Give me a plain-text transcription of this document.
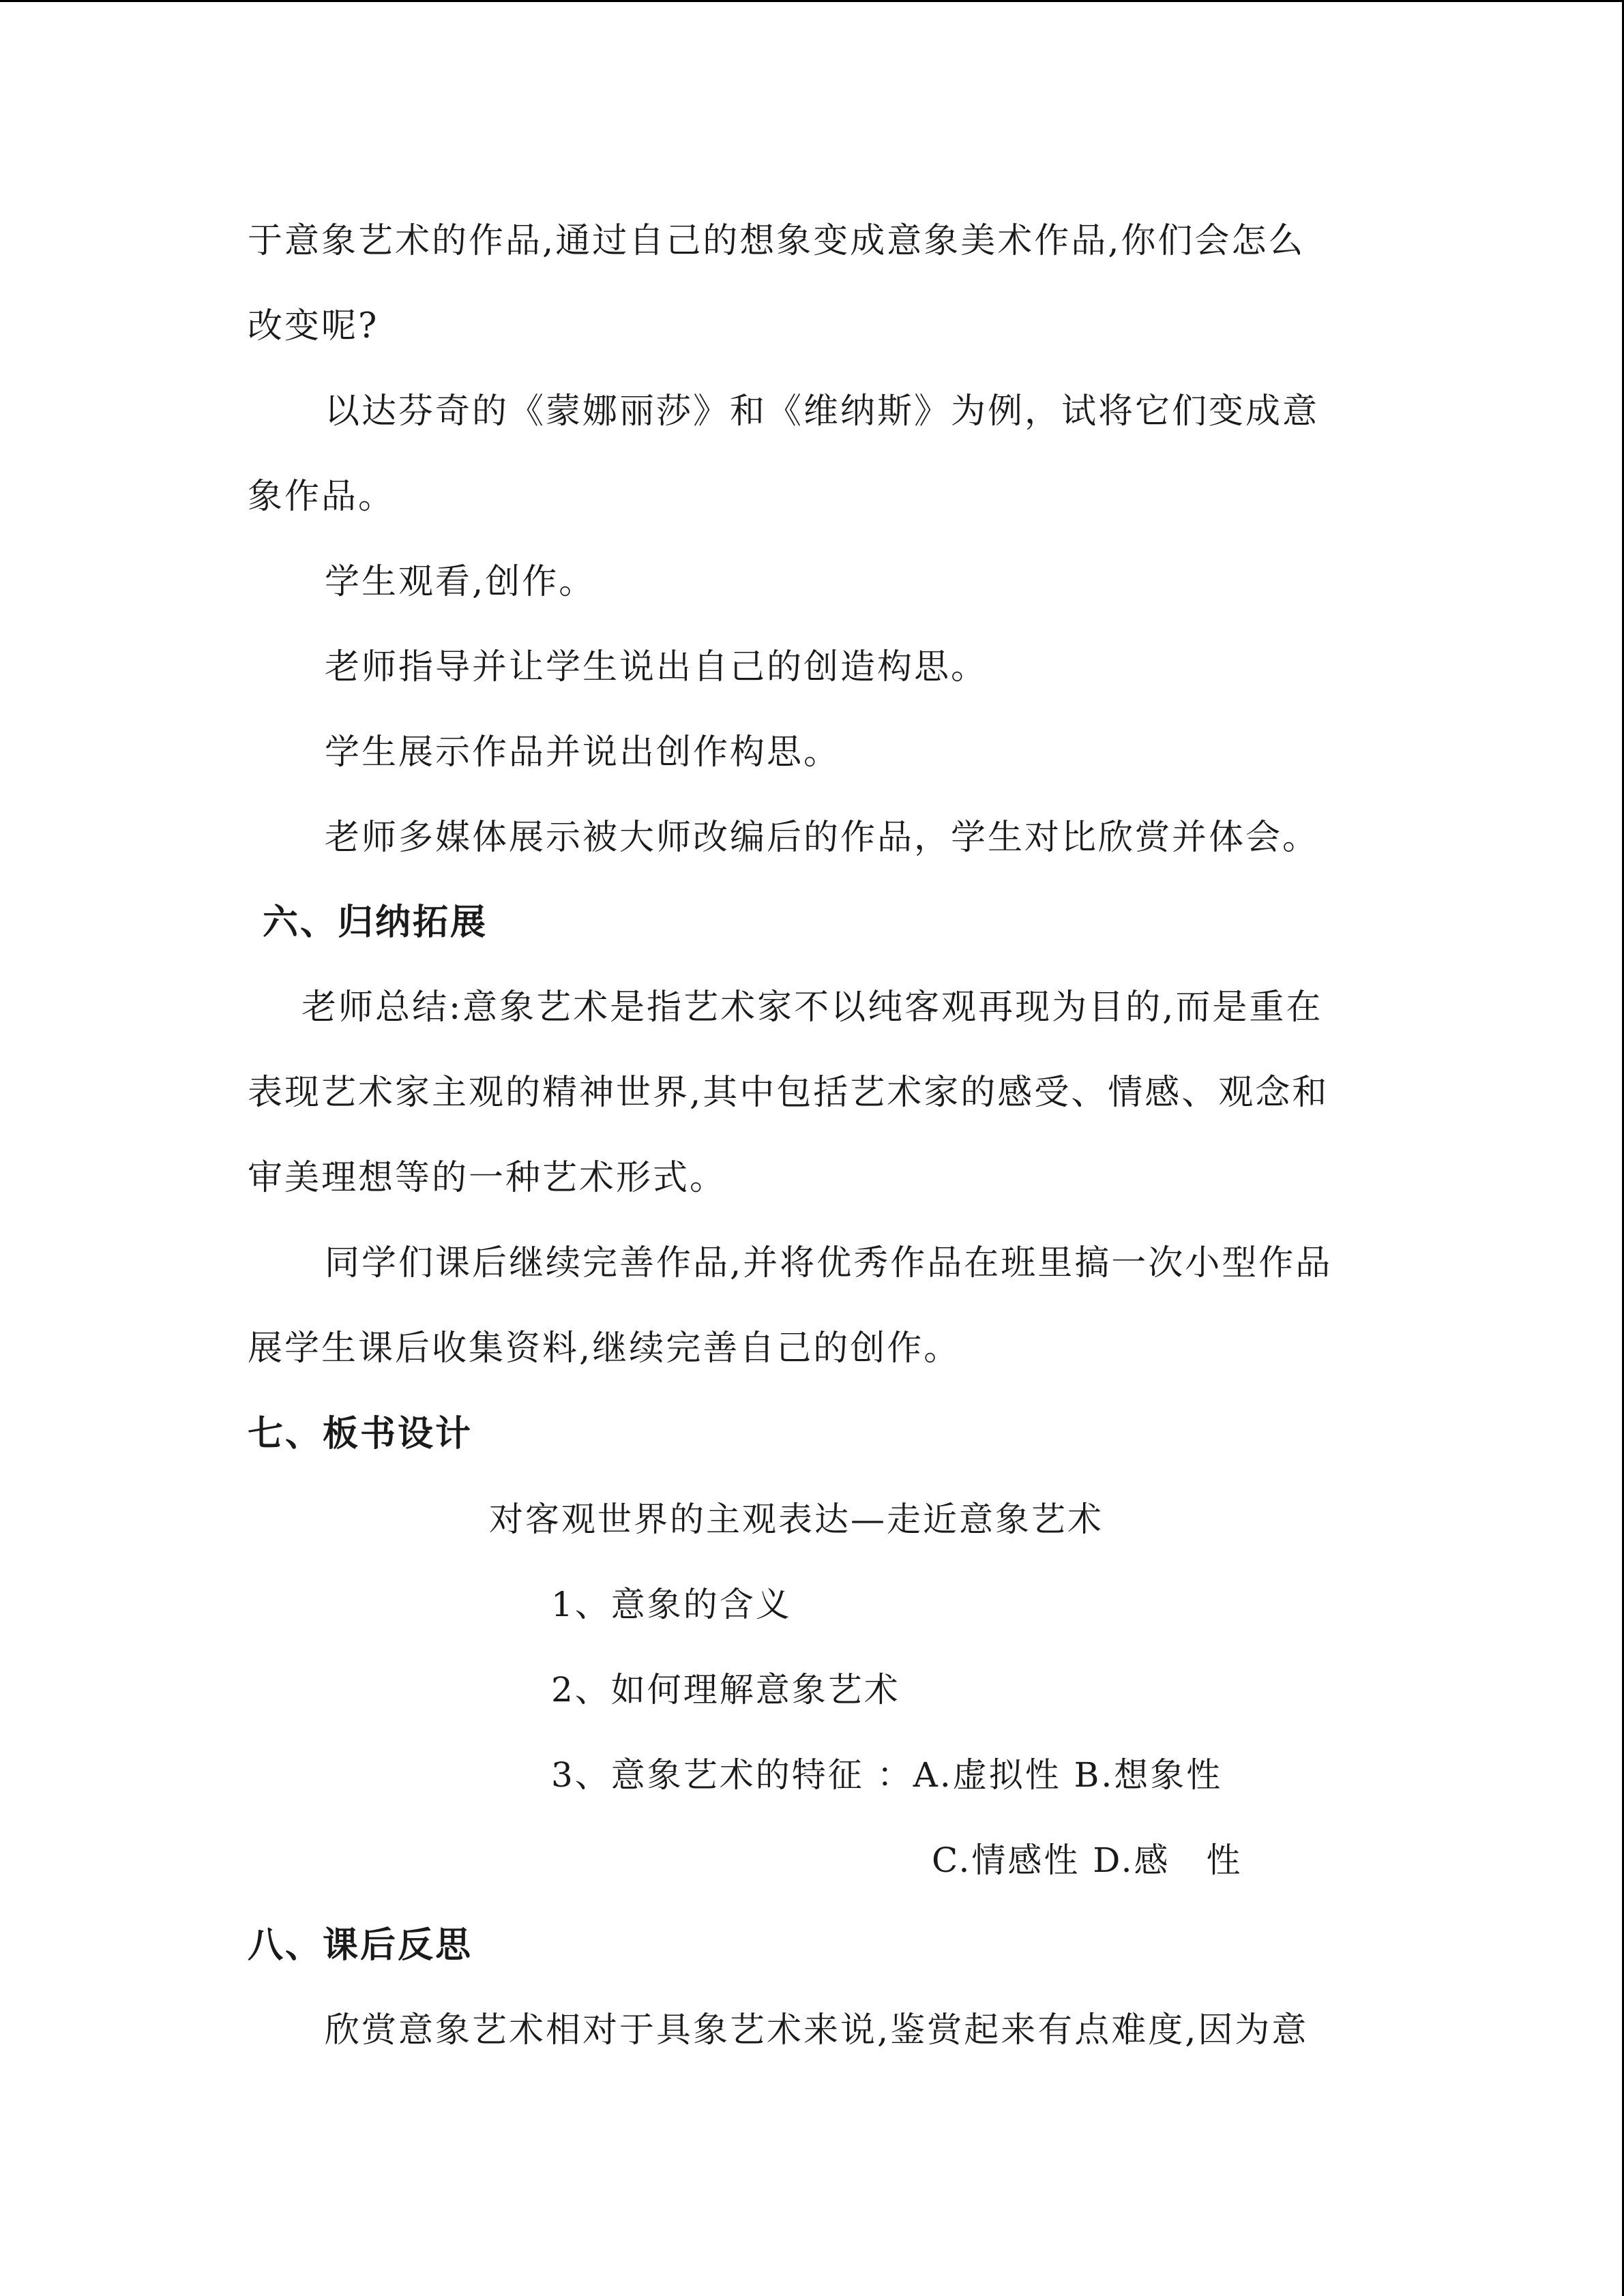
于意象艺术的作品,通过自己的想象变成意象美术作品,你们会怎么

改变呢?

以达芬奇的《蒙娜丽莎》和《维纳斯》为例，试将它们变成意

象作品。

学生观看,创作。

老师指导并让学生说出自己的创造构思。

学生展示作品并说出创作构思。

老师多媒体展示被大师改编后的作品，学生对比欣赏并体会。

六、归纳拓展

老师总结:意象艺术是指艺术家不以纯客观再现为目的,而是重在

表现艺术家主观的精神世界,其中包括艺术家的感受、情感、观念和

审美理想等的一种艺术形式。

同学们课后继续完善作品,并将优秀作品在班里搞一次小型作品

展学生课后收集资料,继续完善自己的创作。

七、板书设计

对客观世界的主观表达—走近意象艺术

1、意象的含义

2、如何理解意象艺术

3、意象艺术的特征 ：A.虚拟性 B.想象性

C.情感性 D.感　性

八、课后反思

欣赏意象艺术相对于具象艺术来说,鉴赏起来有点难度,因为意
